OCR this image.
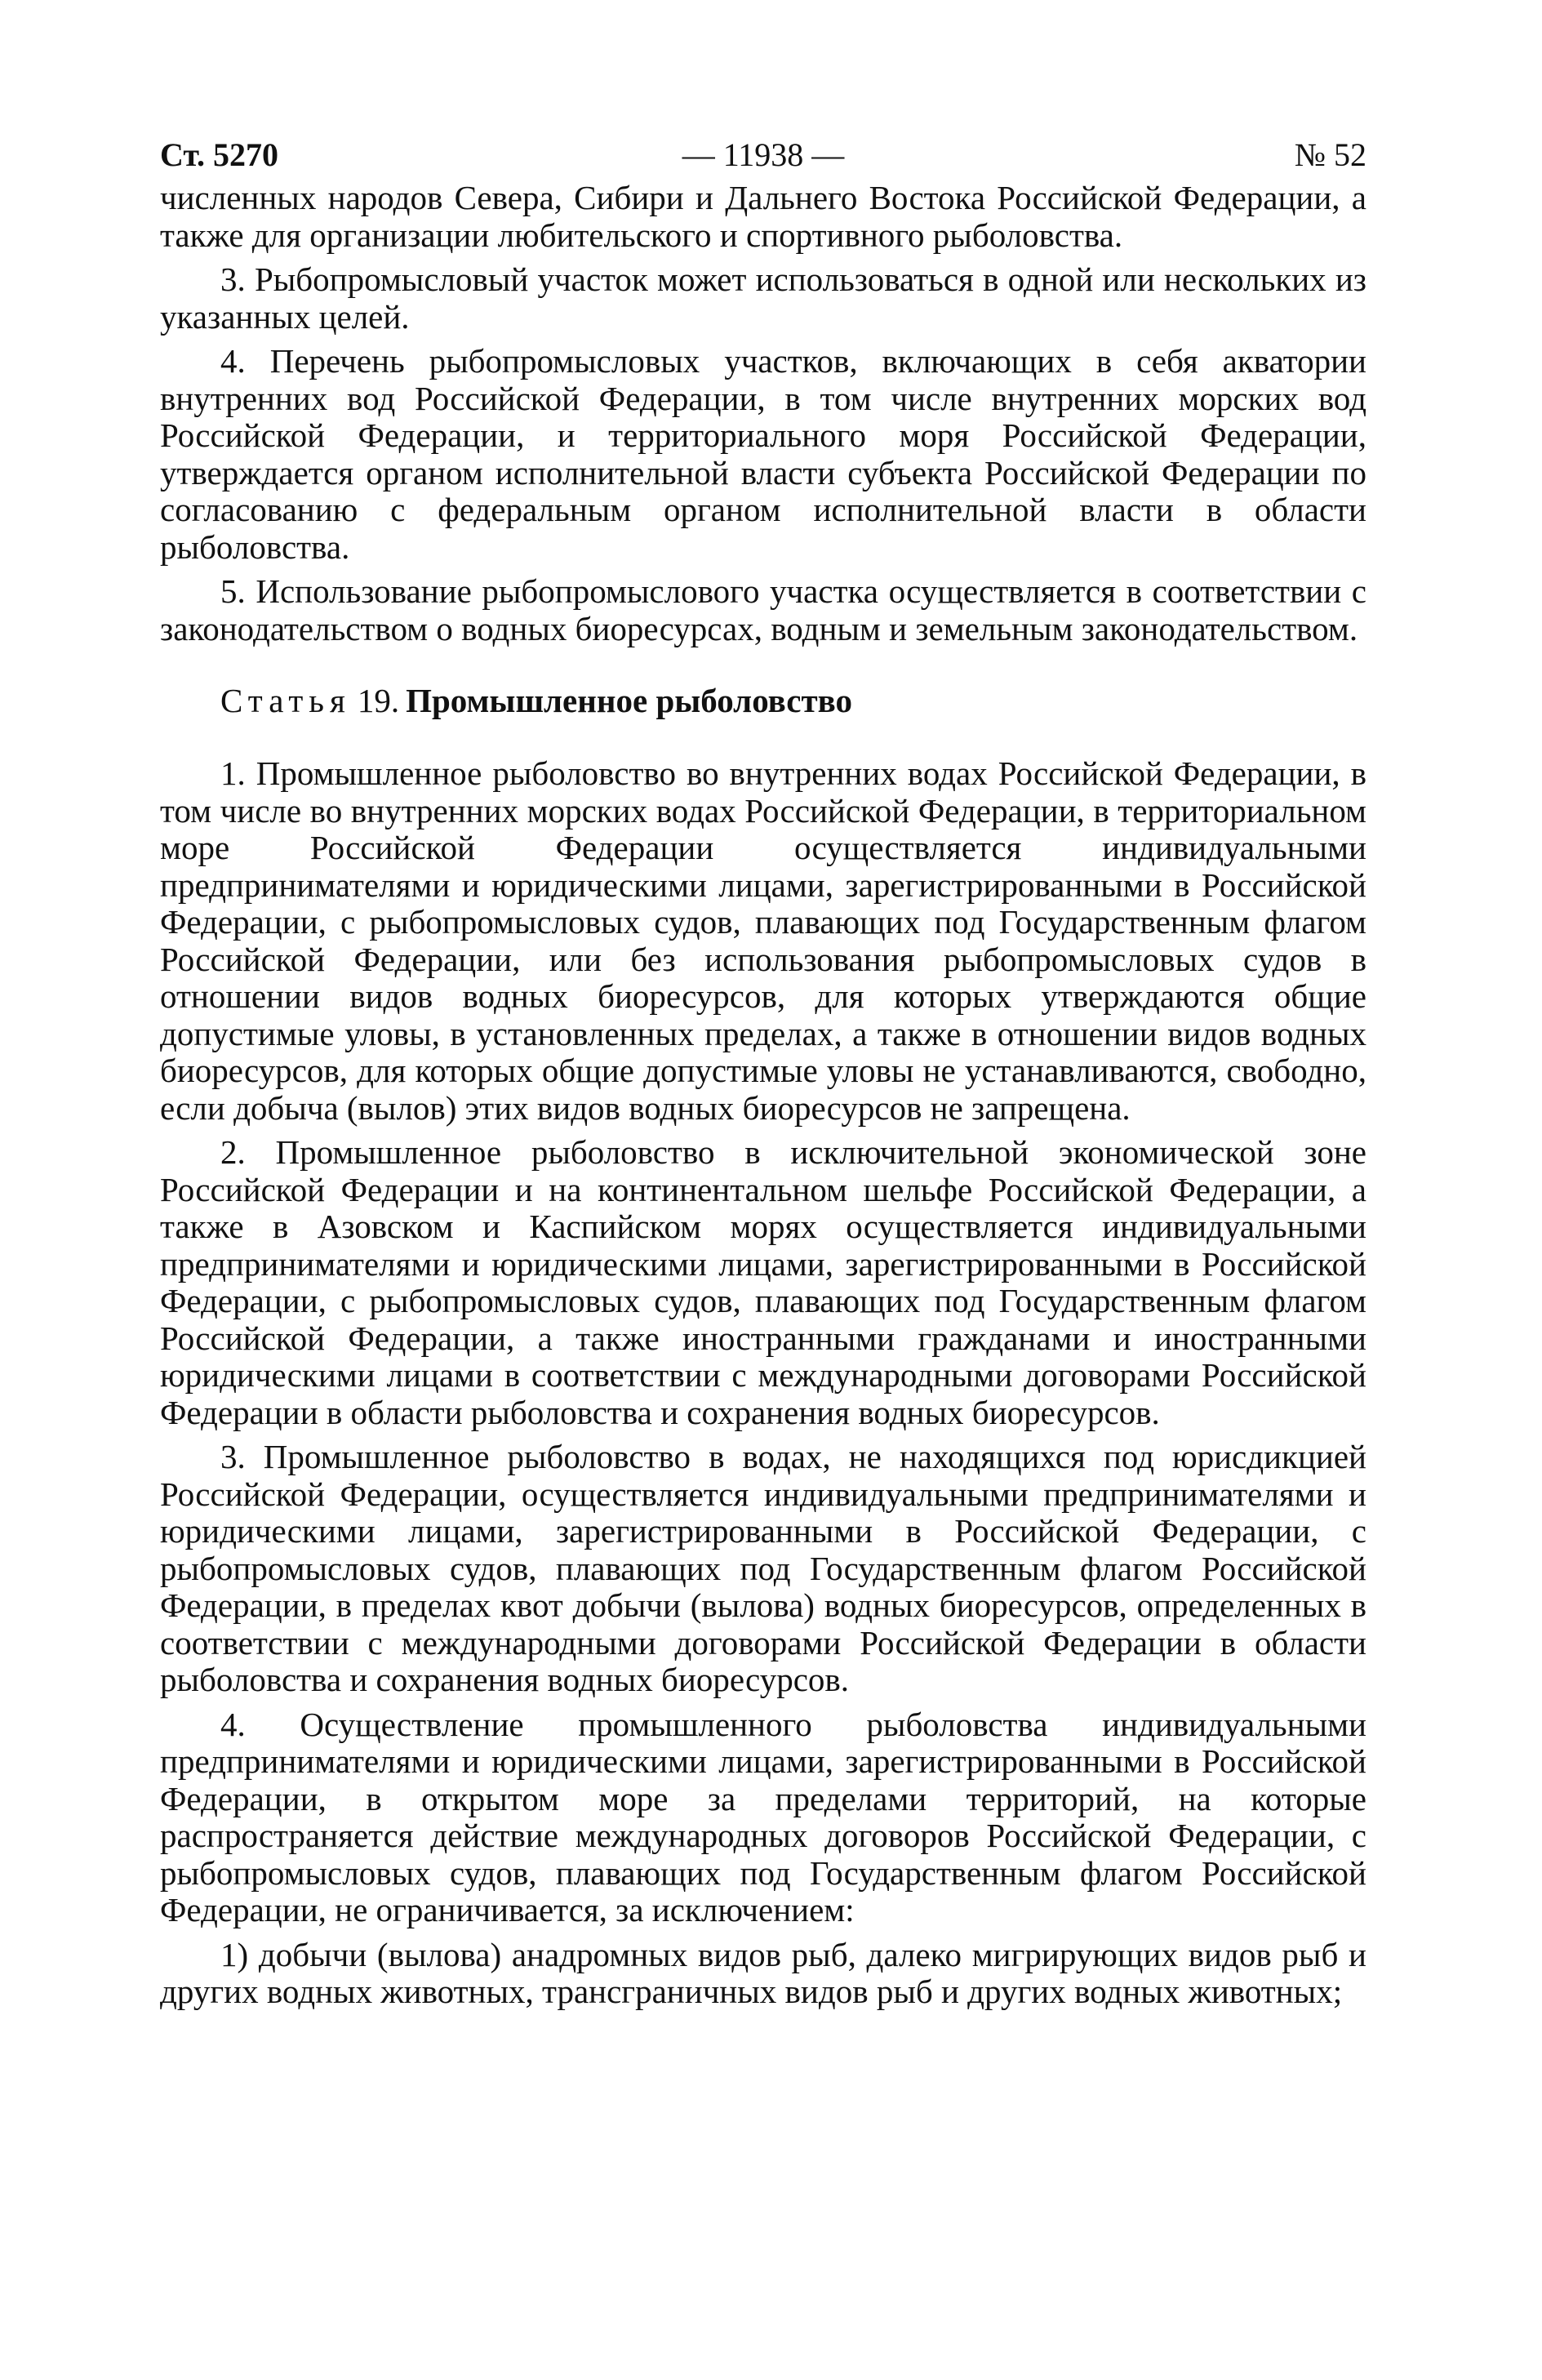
Ст. 5270	— 11938 —	№ 52

численных народов Севера, Сибири и Дальнего Востока Российской Федерации, а также для организации любительского и спортивного рыболовства.

3. Рыбопромысловый участок может использоваться в одной или нескольких из указанных целей.

4. Перечень рыбопромысловых участков, включающих в себя акватории внутренних вод Российской Федерации, в том числе внутренних морских вод Российской Федерации, и территориального моря Российской Федерации, утверждается органом исполнительной власти субъекта Российской Федерации по согласованию с федеральным органом исполнительной власти в области рыболовства.

5. Использование рыбопромыслового участка осуществляется в соответствии с законодательством о водных биоресурсах, водным и земельным законодательством.

Статья 19. Промышленное рыболовство

1. Промышленное рыболовство во внутренних водах Российской Федерации, в том числе во внутренних морских водах Российской Федерации, в территориальном море Российской Федерации осуществляется индивидуальными предпринимателями и юридическими лицами, зарегистрированными в Российской Федерации, с рыбопромысловых судов, плавающих под Государственным флагом Российской Федерации, или без использования рыбопромысловых судов в отношении видов водных биоресурсов, для которых утверждаются общие допустимые уловы, в установленных пределах, а также в отношении видов водных биоресурсов, для которых общие допустимые уловы не устанавливаются, свободно, если добыча (вылов) этих видов водных биоресурсов не запрещена.

2. Промышленное рыболовство в исключительной экономической зоне Российской Федерации и на континентальном шельфе Российской Федерации, а также в Азовском и Каспийском морях осуществляется индивидуальными предпринимателями и юридическими лицами, зарегистрированными в Российской Федерации, с рыбопромысловых судов, плавающих под Государственным флагом Российской Федерации, а также иностранными гражданами и иностранными юридическими лицами в соответствии с международными договорами Российской Федерации в области рыболовства и сохранения водных биоресурсов.

3. Промышленное рыболовство в водах, не находящихся под юрисдикцией Российской Федерации, осуществляется индивидуальными предпринимателями и юридическими лицами, зарегистрированными в Российской Федерации, с рыбопромысловых судов, плавающих под Государственным флагом Российской Федерации, в пределах квот добычи (вылова) водных биоресурсов, определенных в соответствии с международными договорами Российской Федерации в области рыболовства и сохранения водных биоресурсов.

4. Осуществление промышленного рыболовства индивидуальными предпринимателями и юридическими лицами, зарегистрированными в Российской Федерации, в открытом море за пределами территорий, на которые распространяется действие международных договоров Российской Федерации, с рыбопромысловых судов, плавающих под Государственным флагом Российской Федерации, не ограничивается, за исключением:

1) добычи (вылова) анадромных видов рыб, далеко мигрирующих видов рыб и других водных животных, трансграничных видов рыб и других водных животных;
